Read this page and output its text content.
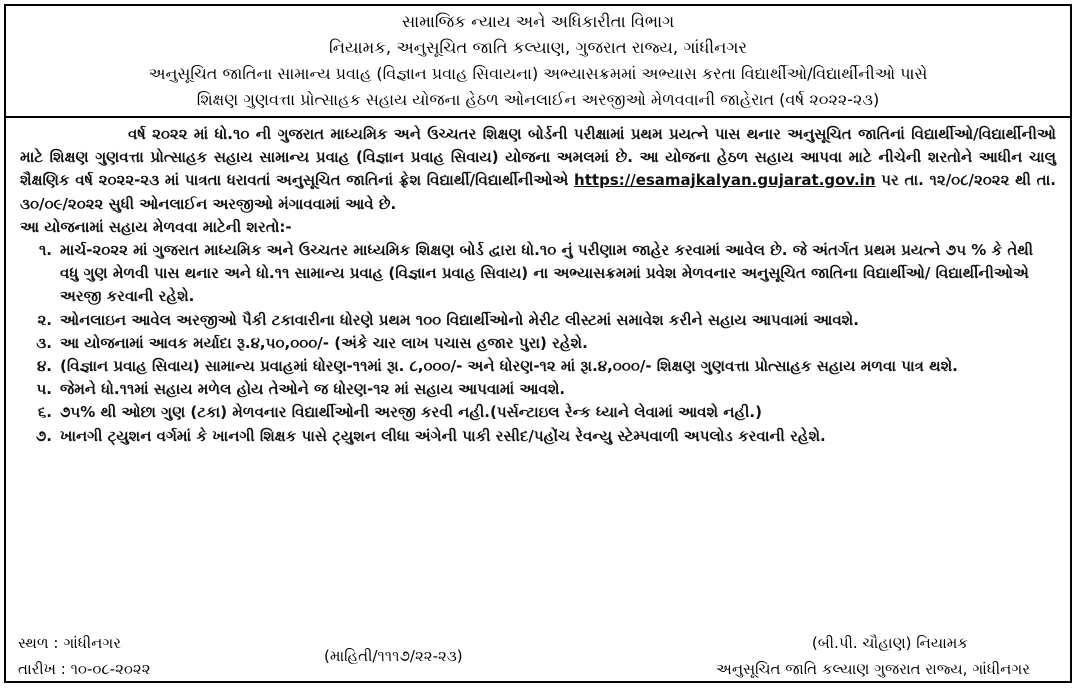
સામાજિક ન્યાય અને અધિકારીતા વિભાગ
નિયામક, અનુસૂચિત જાતિ કલ્યાણ, ગુજરાત રાજ્ય, ગાંધીનગર
અનુસૂચિત જાતિના સામાન્ય પ્રવાહ (વિજ્ઞાન પ્રવાહ સિવાયના) અભ્યાસક્રમમાં અભ્યાસ કરતા વિદ્યાર્થીઓ/વિદ્યાર્થીનીઓ પાસે
શિક્ષણ ગુણવત્તા પ્રોત્સાહક સહાય યોજના હેઠળ ઓનલાઈન અરજીઓ મેળવવાની જાહેરાત (વર્ષ ૨૦૨૨-૨૩)

વર્ષ ૨૦૨૨ માં ધો.૧૦ ની ગુજરાત માધ્યમિક અને ઉચ્ચતર શિક્ષણ બોર્ડની પરીક્ષામાં પ્રથમ પ્રયત્ને પાસ થનાર અનુસૂચિત જાતિનાં વિદ્યાર્થીઓ/વિદ્યાર્થીનીઓ માટે શિક્ષણ ગુણવત્તા પ્રોત્સાહક સહાય સામાન્ય પ્રવાહ (વિજ્ઞાન પ્રવાહ સિવાય) યોજના અમલમાં છે. આ યોજના હેઠળ સહાય આપવા માટે નીચેની શરતોને આધીન ચાલુ શૈક્ષણિક વર્ષ ૨૦૨૨-૨૩ માં પાત્રતા ધરાવતાં અનુસૂચિત જાતિનાં ફ્રેશ વિદ્યાર્થી/વિદ્યાર્થીનીઓએ https://esamajkalyan.gujarat.gov.in પર તા. ૧૨/૦૮/૨૦૨૨ થી તા. ૩૦/૦૯/૨૦૨૨ સુધી ઓનલાઈન અરજીઓ મંગાવવામાં આવે છે.

આ યોજનામાં સહાય મેળવવા માટેની શરતો:-

૧. માર્ચ-૨૦૨૨ માં ગુજરાત માધ્યમિક અને ઉચ્ચતર માધ્યમિક શિક્ષણ બોર્ડ દ્વારા ધો.૧૦ નું પરીણામ જાહેર કરવામાં આવેલ છે. જે અંતર્ગત પ્રથમ પ્રયત્ને ૭૫ % કે તેથી વધુ ગુણ મેળવી પાસ થનાર અને ધો.૧૧ સામાન્ય પ્રવાહ (વિજ્ઞાન પ્રવાહ સિવાય) ના અભ્યાસક્રમમાં પ્રવેશ મેળવનાર અનુસૂચિત જાતિના વિદ્યાર્થીઓ/ વિદ્યાર્થીનીઓએ અરજી કરવાની રહેશે.
૨. ઓનલાઇન આવેલ અરજીઓ પૈકી ટકાવારીના ધોરણે પ્રથમ ૧૦૦ વિદ્યાર્થીઓનો મેરીટ લીસ્ટમાં સમાવેશ કરીને સહાય આપવામાં આવશે.
૩. આ યોજનામાં આવક મર્યાદા રૂ.૪,૫૦,૦૦૦/- (અંકે ચાર લાખ પચાસ હજાર પુરા) રહેશે.
૪. (વિજ્ઞાન પ્રવાહ સિવાય) સામાન્ય પ્રવાહમાં ધોરણ-૧૧માં રૂા. ૮,૦૦૦/- અને ધોરણ-૧૨ માં રૂા.૪,૦૦૦/- શિક્ષણ ગુણવત્તા પ્રોત્સાહક સહાય મળવા પાત્ર થશે.
૫. જેમને ધો.૧૧માં સહાય મળેલ હોય તેઓને જ ધોરણ-૧૨ માં સહાય આપવામાં આવશે.
૬. ૭૫% થી ઓછા ગુણ (ટકા) મેળવનાર વિદ્યાર્થીઓની અરજી કરવી નહી.(પર્સન્ટાઇલ રેન્ક ધ્યાને લેવામાં આવશે નહી.)
૭. ખાનગી ટ્યુશન વર્ગમાં કે ખાનગી શિક્ષક પાસે ટ્યુશન લીધા અંગેની પાકી રસીદ/પહોંચ રેવન્યુ સ્ટેમ્પવાળી અપલોડ કરવાની રહેશે.
સ્થળ : ગાંધીનગર
તારીખ : ૧૦-૦૮-૨૦૨૨
(માહિતી/૧૧૧૭/૨૨-૨૩)
(બી.પી. ચૌહાણ) નિયામક
અનુસૂચિત જાતિ કલ્યાણ ગુજરાત રાજ્ય, ગાંધીનગર
